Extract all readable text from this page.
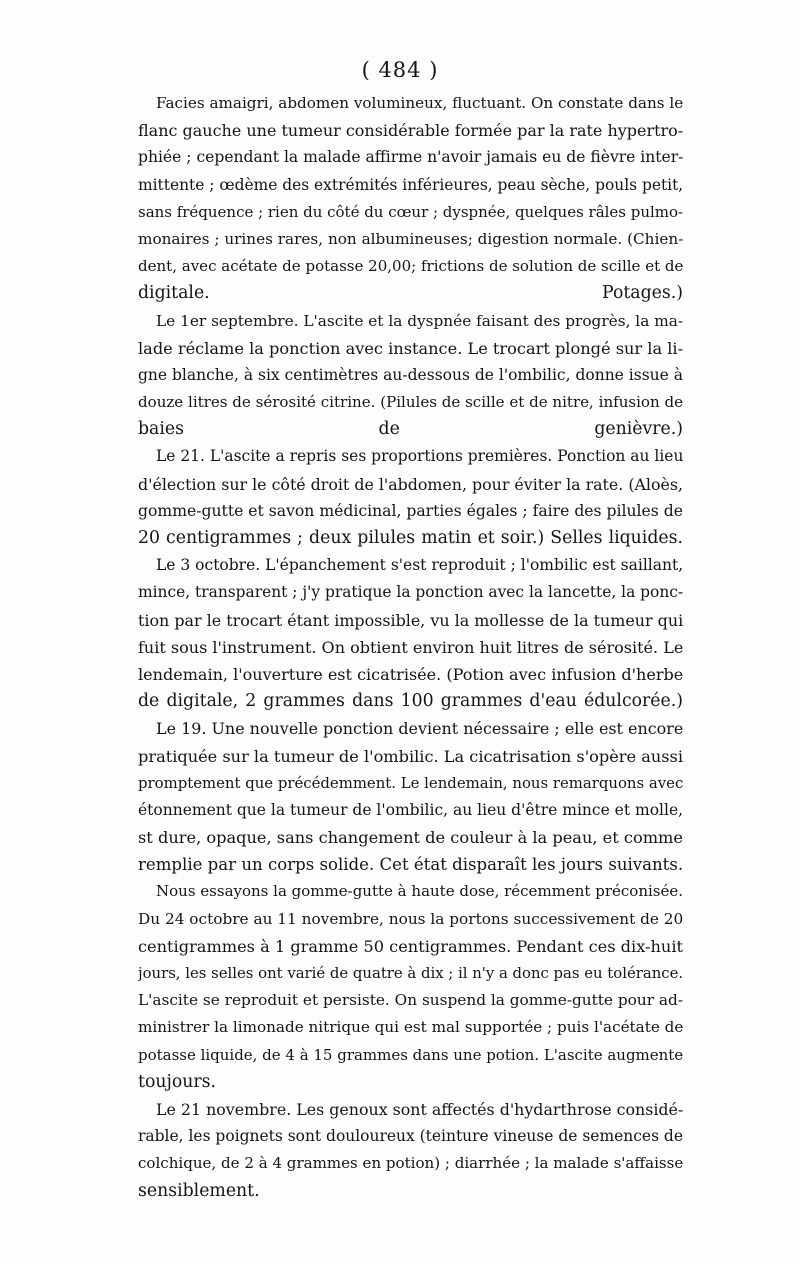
( 484 )
Facies amaigri, abdomen volumineux, fluctuant. On constate dans le
flanc gauche une tumeur considérable formée par la rate hypertro-
phiée ; cependant la malade affirme n'avoir jamais eu de fièvre inter-
mittente ; œdème des extrémités inférieures, peau sèche, pouls petit,
sans fréquence ; rien du côté du cœur ; dyspnée, quelques râles pulmo-
monaires ; urines rares, non albumineuses; digestion normale. (Chien-
dent, avec acétate de potasse 20,00; frictions de solution de scille et de
digitale. Potages.)
Le 1er septembre. L'ascite et la dyspnée faisant des progrès, la ma-
lade réclame la ponction avec instance. Le trocart plongé sur la li-
gne blanche, à six centimètres au-dessous de l'ombilic, donne issue à
douze litres de sérosité citrine. (Pilules de scille et de nitre, infusion de
baies de genièvre.)
Le 21. L'ascite a repris ses proportions premières. Ponction au lieu
d'élection sur le côté droit de l'abdomen, pour éviter la rate. (Aloès,
gomme-gutte et savon médicinal, parties égales ; faire des pilules de
20 centigrammes ; deux pilules matin et soir.) Selles liquides.
Le 3 octobre. L'épanchement s'est reproduit ; l'ombilic est saillant,
mince, transparent ; j'y pratique la ponction avec la lancette, la ponc-
tion par le trocart étant impossible, vu la mollesse de la tumeur qui
fuit sous l'instrument. On obtient environ huit litres de sérosité. Le
lendemain, l'ouverture est cicatrisée. (Potion avec infusion d'herbe
de digitale, 2 grammes dans 100 grammes d'eau édulcorée.)
Le 19. Une nouvelle ponction devient nécessaire ; elle est encore
pratiquée sur la tumeur de l'ombilic. La cicatrisation s'opère aussi
promptement que précédemment. Le lendemain, nous remarquons avec
étonnement que la tumeur de l'ombilic, au lieu d'être mince et molle,
st dure, opaque, sans changement de couleur à la peau, et comme
remplie par un corps solide. Cet état disparaît les jours suivants.
Nous essayons la gomme-gutte à haute dose, récemment préconisée.
Du 24 octobre au 11 novembre, nous la portons successivement de 20
centigrammes à 1 gramme 50 centigrammes. Pendant ces dix-huit
jours, les selles ont varié de quatre à dix ; il n'y a donc pas eu tolérance.
L'ascite se reproduit et persiste. On suspend la gomme-gutte pour ad-
ministrer la limonade nitrique qui est mal supportée ; puis l'acétate de
potasse liquide, de 4 à 15 grammes dans une potion. L'ascite augmente
toujours.
Le 21 novembre. Les genoux sont affectés d'hydarthrose considé-
rable, les poignets sont douloureux (teinture vineuse de semences de
colchique, de 2 à 4 grammes en potion) ; diarrhée ; la malade s'affaisse
sensiblement.
